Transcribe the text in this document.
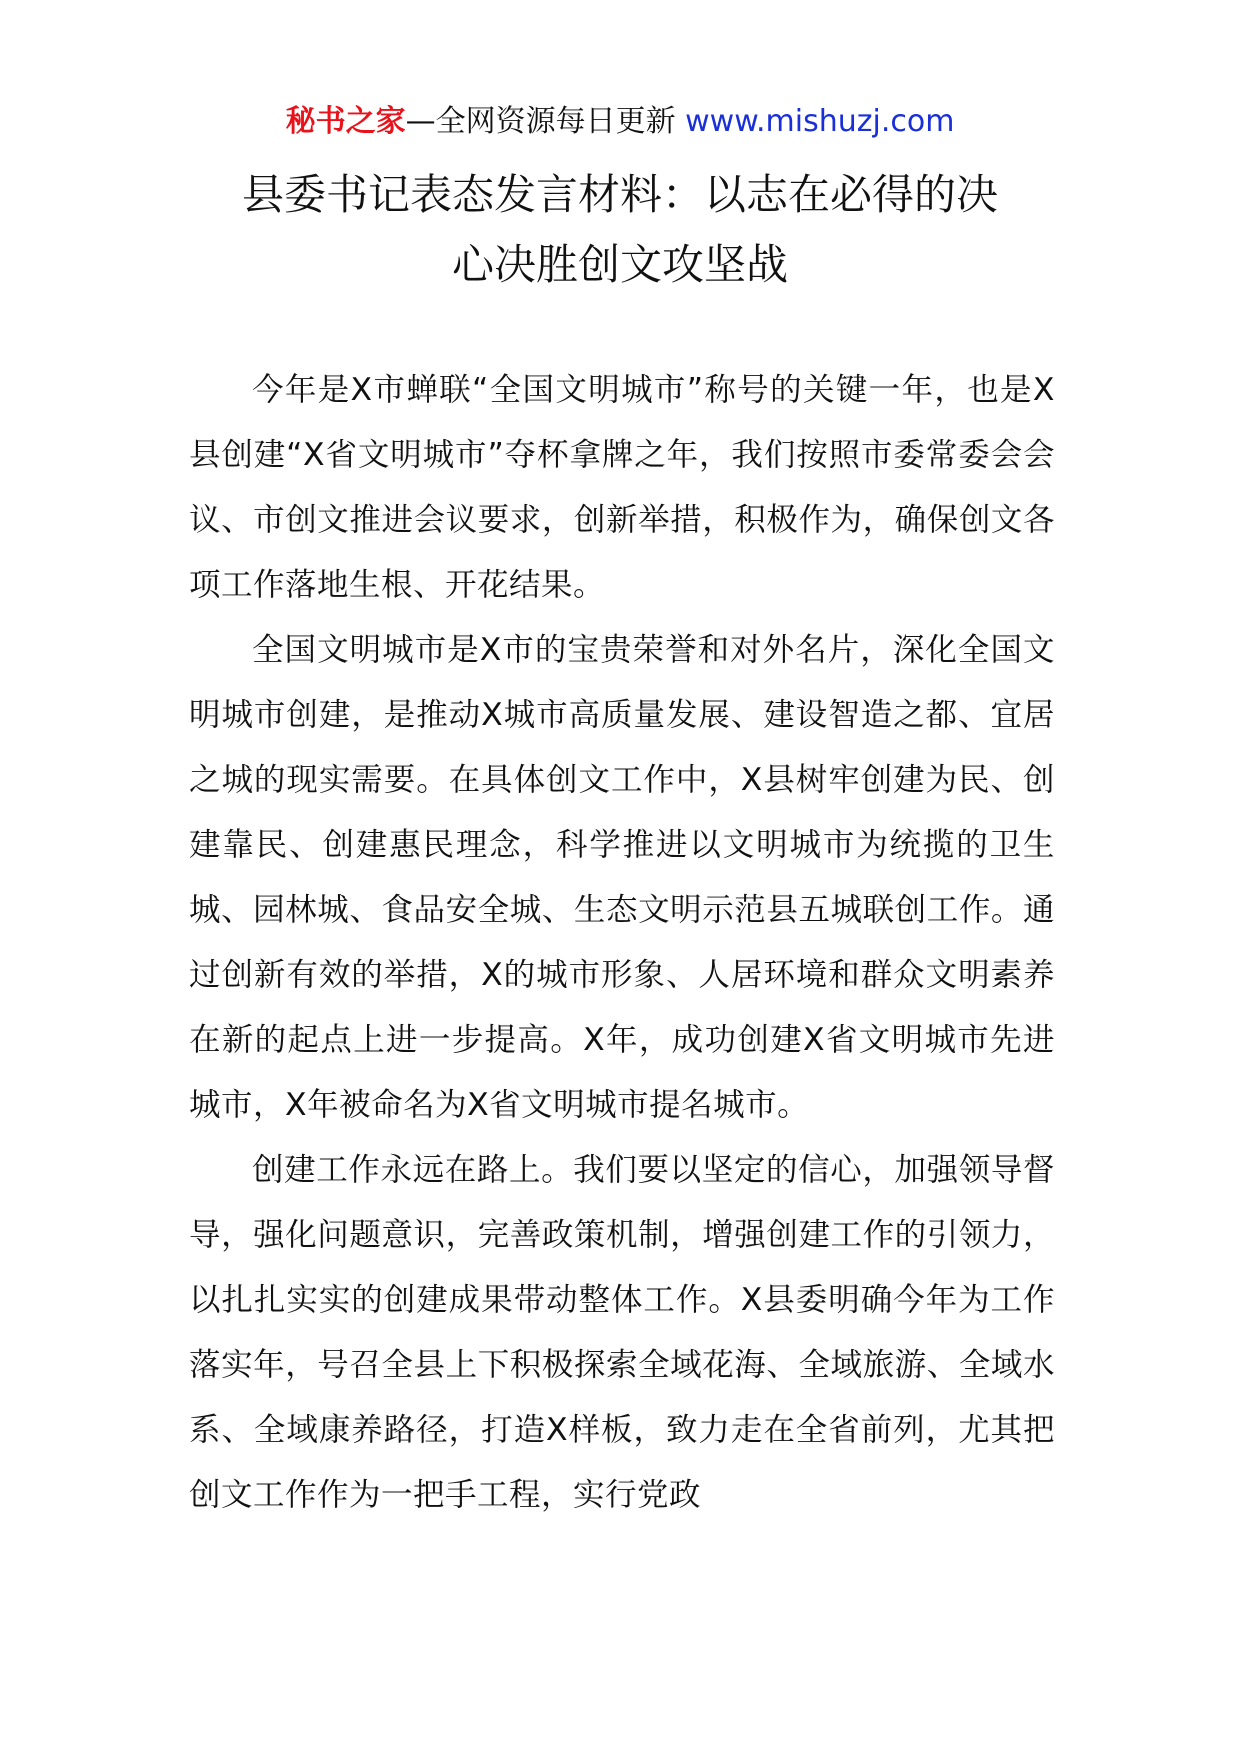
秘书之家—全网资源每日更新 www.mishuzj.com
县委书记表态发言材料：以志在必得的决
心决胜创文攻坚战

今年是X市蝉联“全国文明城市”称号的关键一年，也是X县创建“X省文明城市”夺杯拿牌之年，我们按照市委常委会会议、市创文推进会议要求，创新举措，积极作为，确保创文各项工作落地生根、开花结果。

全国文明城市是X市的宝贵荣誉和对外名片，深化全国文明城市创建，是推动X城市高质量发展、建设智造之都、宜居之城的现实需要。在具体创文工作中，X县树牢创建为民、创建靠民、创建惠民理念，科学推进以文明城市为统揽的卫生城、园林城、食品安全城、生态文明示范县五城联创工作。通过创新有效的举措，X的城市形象、人居环境和群众文明素养在新的起点上进一步提高。X年，成功创建X省文明城市先进城市，X年被命名为X省文明城市提名城市。

创建工作永远在路上。我们要以坚定的信心，加强领导督导，强化问题意识，完善政策机制，增强创建工作的引领力，以扎扎实实的创建成果带动整体工作。X县委明确今年为工作落实年，号召全县上下积极探索全域花海、全域旅游、全域水系、全域康养路径，打造X样板，致力走在全省前列，尤其把创文工作作为一把手工程，实行党政
